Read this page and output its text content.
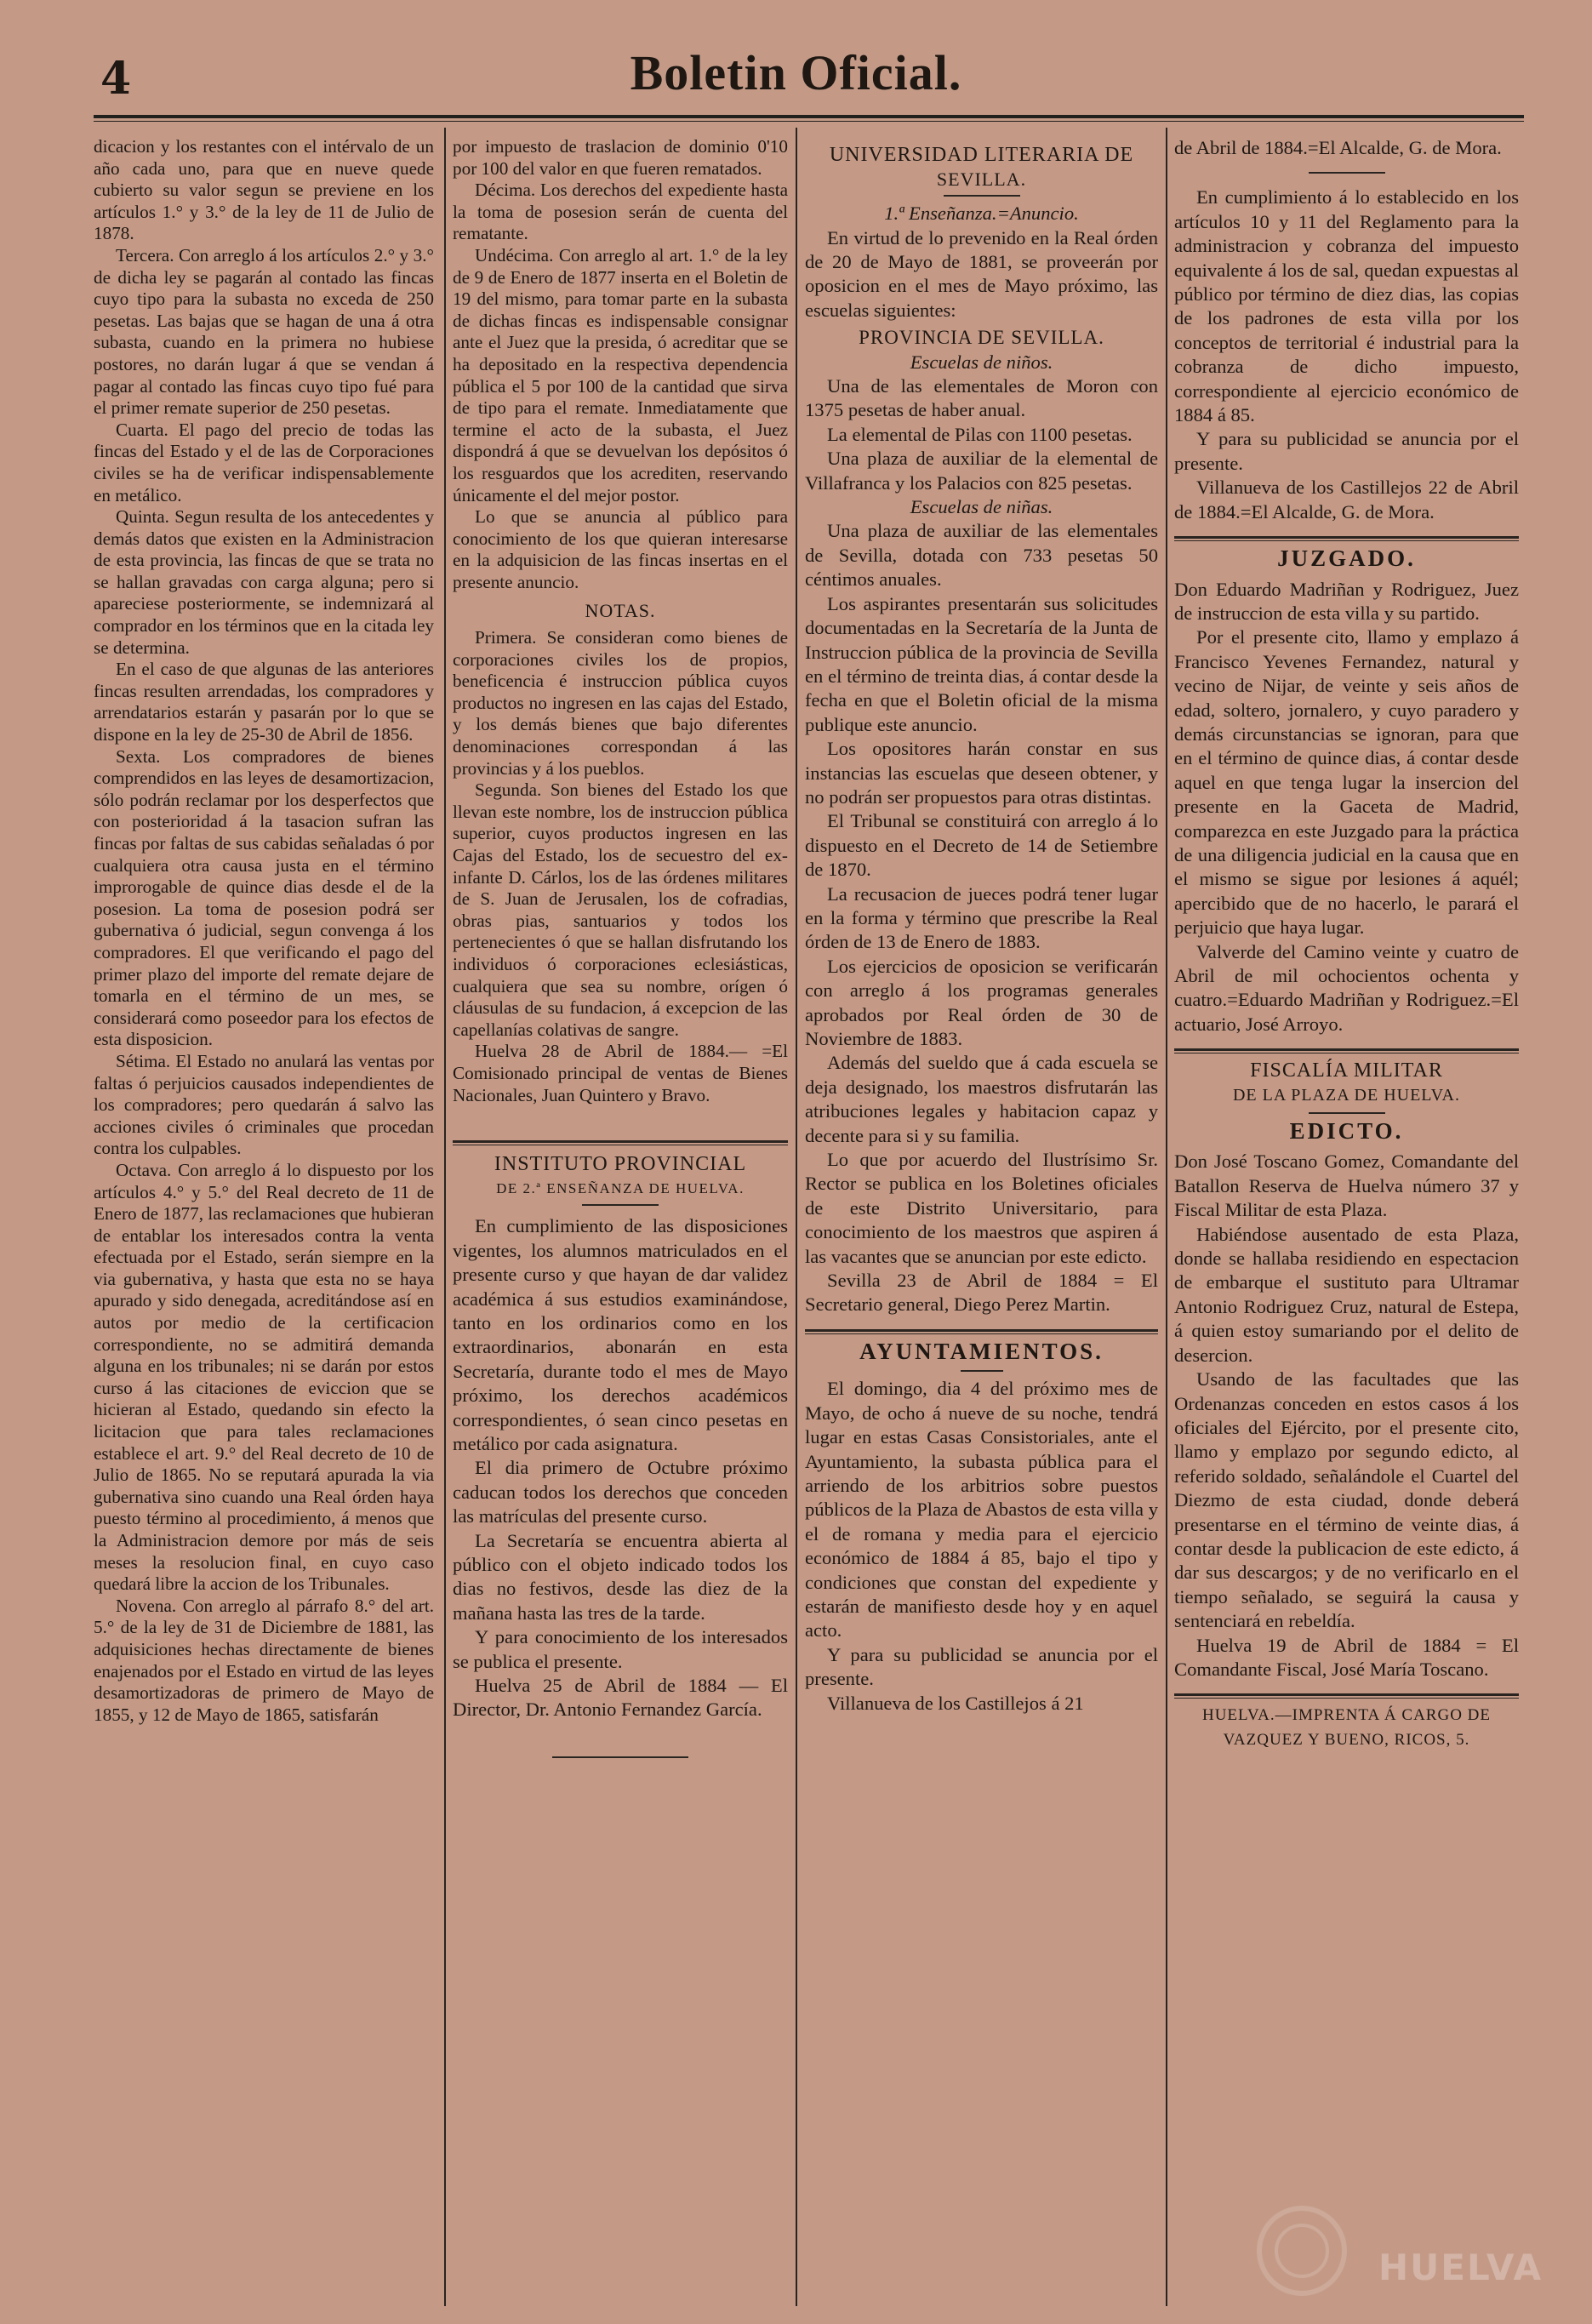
4	Boletin Oficial.

dicacion y los restantes con el intérvalo de un año cada uno, para que en nueve quede cubierto su valor segun se previene en los artículos 1.° y 3.° de la ley de 11 de Julio de 1878.

Tercera. Con arreglo á los artículos 2.° y 3.° de dicha ley se pagarán al contado las fincas cuyo tipo para la subasta no exceda de 250 pesetas. Las bajas que se hagan de una á otra subasta, cuando en la primera no hubiese postores, no darán lugar á que se vendan á pagar al contado las fincas cuyo tipo fué para el primer remate superior de 250 pesetas.

Cuarta. El pago del precio de todas las fincas del Estado y el de las de Corporaciones civiles se ha de verificar indispensablemente en metálico.

Quinta. Segun resulta de los antecedentes y demás datos que existen en la Administracion de esta provincia, las fincas de que se trata no se hallan gravadas con carga alguna; pero si apareciese posteriormente, se indemnizará al comprador en los términos que en la citada ley se determina.

En el caso de que algunas de las anteriores fincas resulten arrendadas, los compradores y arrendatarios estarán y pasarán por lo que se dispone en la ley de 25-30 de Abril de 1856.

Sexta. Los compradores de bienes comprendidos en las leyes de desamortizacion, sólo podrán reclamar por los desperfectos que con posterioridad á la tasacion sufran las fincas por faltas de sus cabidas señaladas ó por cualquiera otra causa justa en el término improrogable de quince dias desde el de la posesion. La toma de posesion podrá ser gubernativa ó judicial, segun convenga á los compradores. El que verificando el pago del primer plazo del importe del remate dejare de tomarla en el término de un mes, se considerará como poseedor para los efectos de esta disposicion.

Sétima. El Estado no anulará las ventas por faltas ó perjuicios causados independientes de los compradores; pero quedarán á salvo las acciones civiles ó criminales que procedan contra los culpables.

Octava. Con arreglo á lo dispuesto por los artículos 4.° y 5.° del Real decreto de 11 de Enero de 1877, las reclamaciones que hubieran de entablar los interesados contra la venta efectuada por el Estado, serán siempre en la via gubernativa, y hasta que esta no se haya apurado y sido denegada, acreditándose así en autos por medio de la certificacion correspondiente, no se admitirá demanda alguna en los tribunales; ni se darán por estos curso á las citaciones de eviccion que se hicieran al Estado, quedando sin efecto la licitacion que para tales reclamaciones establece el art. 9.° del Real decreto de 10 de Julio de 1865. No se reputará apurada la via gubernativa sino cuando una Real órden haya puesto término al procedimiento, á menos que la Administracion demore por más de seis meses la resolucion final, en cuyo caso quedará libre la accion de los Tribunales.

Novena. Con arreglo al párrafo 8.° del art. 5.° de la ley de 31 de Diciembre de 1881, las adquisiciones hechas directamente de bienes enajenados por el Estado en virtud de las leyes desamortizadoras de primero de Mayo de 1855, y 12 de Mayo de 1865, satisfarán

por impuesto de traslacion de dominio 0'10 por 100 del valor en que fueren rematados.

Décima. Los derechos del expediente hasta la toma de posesion serán de cuenta del rematante.

Undécima. Con arreglo al art. 1.° de la ley de 9 de Enero de 1877 inserta en el Boletin de 19 del mismo, para tomar parte en la subasta de dichas fincas es indispensable consignar ante el Juez que la presida, ó acreditar que se ha depositado en la respectiva dependencia pública el 5 por 100 de la cantidad que sirva de tipo para el remate. Inmediatamente que termine el acto de la subasta, el Juez dispondrá á que se devuelvan los depósitos ó los resguardos que los acrediten, reservando únicamente el del mejor postor.

Lo que se anuncia al público para conocimiento de los que quieran interesarse en la adquisicion de las fincas insertas en el presente anuncio.

NOTAS.

Primera. Se consideran como bienes de corporaciones civiles los de propios, beneficencia é instruccion pública cuyos productos no ingresen en las cajas del Estado, y los demás bienes que bajo diferentes denominaciones correspondan á las provincias y á los pueblos.

Segunda. Son bienes del Estado los que llevan este nombre, los de instruccion pública superior, cuyos productos ingresen en las Cajas del Estado, los de secuestro del ex-infante D. Cárlos, los de las órdenes militares de S. Juan de Jerusalen, los de cofradias, obras pias, santuarios y todos los pertenecientes ó que se hallan disfrutando los individuos ó corporaciones eclesiásticas, cualquiera que sea su nombre, orígen ó cláusulas de su fundacion, á excepcion de las capellanías colativas de sangre.

Huelva 28 de Abril de 1884.— =El Comisionado principal de ventas de Bienes Nacionales, Juan Quintero y Bravo.

INSTITUTO PROVINCIAL
DE 2.ª ENSEÑANZA DE HUELVA.

En cumplimiento de las disposiciones vigentes, los alumnos matriculados en el presente curso y que hayan de dar validez académica á sus estudios examinándose, tanto en los ordinarios como en los extraordinarios, abonarán en esta Secretaría, durante todo el mes de Mayo próximo, los derechos académicos correspondientes, ó sean cinco pesetas en metálico por cada asignatura.

El dia primero de Octubre próximo caducan todos los derechos que conceden las matrículas del presente curso.

La Secretaría se encuentra abierta al público con el objeto indicado todos los dias no festivos, desde las diez de la mañana hasta las tres de la tarde.

Y para conocimiento de los interesados se publica el presente.

Huelva 25 de Abril de 1884 — El Director, Dr. Antonio Fernandez García.

UNIVERSIDAD LITERARIA DE
SEVILLA.
1.ª Enseñanza.=Anuncio.

En virtud de lo prevenido en la Real órden de 20 de Mayo de 1881, se proveerán por oposicion en el mes de Mayo próximo, las escuelas siguientes:

PROVINCIA DE SEVILLA.
Escuelas de niños.

Una de las elementales de Moron con 1375 pesetas de haber anual.

La elemental de Pilas con 1100 pesetas.

Una plaza de auxiliar de la elemental de Villafranca y los Palacios con 825 pesetas.

Escuelas de niñas.

Una plaza de auxiliar de las elementales de Sevilla, dotada con 733 pesetas 50 céntimos anuales.

Los aspirantes presentarán sus solicitudes documentadas en la Secretaría de la Junta de Instruccion pública de la provincia de Sevilla en el término de treinta dias, á contar desde la fecha en que el Boletin oficial de la misma publique este anuncio.

Los opositores harán constar en sus instancias las escuelas que deseen obtener, y no podrán ser propuestos para otras distintas.

El Tribunal se constituirá con arreglo á lo dispuesto en el Decreto de 14 de Setiembre de 1870.

La recusacion de jueces podrá tener lugar en la forma y término que prescribe la Real órden de 13 de Enero de 1883.

Los ejercicios de oposicion se verificarán con arreglo á los programas generales aprobados por Real órden de 30 de Noviembre de 1883.

Además del sueldo que á cada escuela se deja designado, los maestros disfrutarán las atribuciones legales y habitacion capaz y decente para si y su familia.

Lo que por acuerdo del Ilustrísimo Sr. Rector se publica en los Boletines oficiales de este Distrito Universitario, para conocimiento de los maestros que aspiren á las vacantes que se anuncian por este edicto.

Sevilla 23 de Abril de 1884 = El Secretario general, Diego Perez Martin.

AYUNTAMIENTOS.

El domingo, dia 4 del próximo mes de Mayo, de ocho á nueve de su noche, tendrá lugar en estas Casas Consistoriales, ante el Ayuntamiento, la subasta pública para el arriendo de los arbitrios sobre puestos públicos de la Plaza de Abastos de esta villa y el de romana y media para el ejercicio económico de 1884 á 85, bajo el tipo y condiciones que constan del expediente y estarán de manifiesto desde hoy y en aquel acto.

Y para su publicidad se anuncia por el presente.

Villanueva de los Castillejos á 21

de Abril de 1884.=El Alcalde, G. de Mora.

En cumplimiento á lo establecido en los artículos 10 y 11 del Reglamento para la administracion y cobranza del impuesto equivalente á los de sal, quedan expuestas al público por término de diez dias, las copias de los padrones de esta villa por los conceptos de territorial é industrial para la cobranza de dicho impuesto, correspondiente al ejercicio económico de 1884 á 85.

Y para su publicidad se anuncia por el presente.

Villanueva de los Castillejos 22 de Abril de 1884.=El Alcalde, G. de Mora.

JUZGADO.

Don Eduardo Madriñan y Rodriguez, Juez de instruccion de esta villa y su partido.

Por el presente cito, llamo y emplazo á Francisco Yevenes Fernandez, natural y vecino de Nijar, de veinte y seis años de edad, soltero, jornalero, y cuyo paradero y demás circunstancias se ignoran, para que en el término de quince dias, á contar desde aquel en que tenga lugar la insercion del presente en la Gaceta de Madrid, comparezca en este Juzgado para la práctica de una diligencia judicial en la causa que en el mismo se sigue por lesiones á aquél; apercibido que de no hacerlo, le parará el perjuicio que haya lugar.

Valverde del Camino veinte y cuatro de Abril de mil ochocientos ochenta y cuatro.=Eduardo Madriñan y Rodriguez.=El actuario, José Arroyo.

FISCALÍA MILITAR
DE LA PLAZA DE HUELVA.
EDICTO.

Don José Toscano Gomez, Comandante del Batallon Reserva de Huelva número 37 y Fiscal Militar de esta Plaza.

Habiéndose ausentado de esta Plaza, donde se hallaba residiendo en espectacion de embarque el sustituto para Ultramar Antonio Rodriguez Cruz, natural de Estepa, á quien estoy sumariando por el delito de desercion.

Usando de las facultades que las Ordenanzas conceden en estos casos á los oficiales del Ejército, por el presente cito, llamo y emplazo por segundo edicto, al referido soldado, señalándole el Cuartel del Diezmo de esta ciudad, donde deberá presentarse en el término de veinte dias, á contar desde la publicacion de este edicto, á dar sus descargos; y de no verificarlo en el tiempo señalado, se seguirá la causa y sentenciará en rebeldía.

Huelva 19 de Abril de 1884 = El Comandante Fiscal, José María Toscano.

HUELVA.—IMPRENTA Á CARGO DE
VAZQUEZ Y BUENO, RICOS, 5.
HUELVA
